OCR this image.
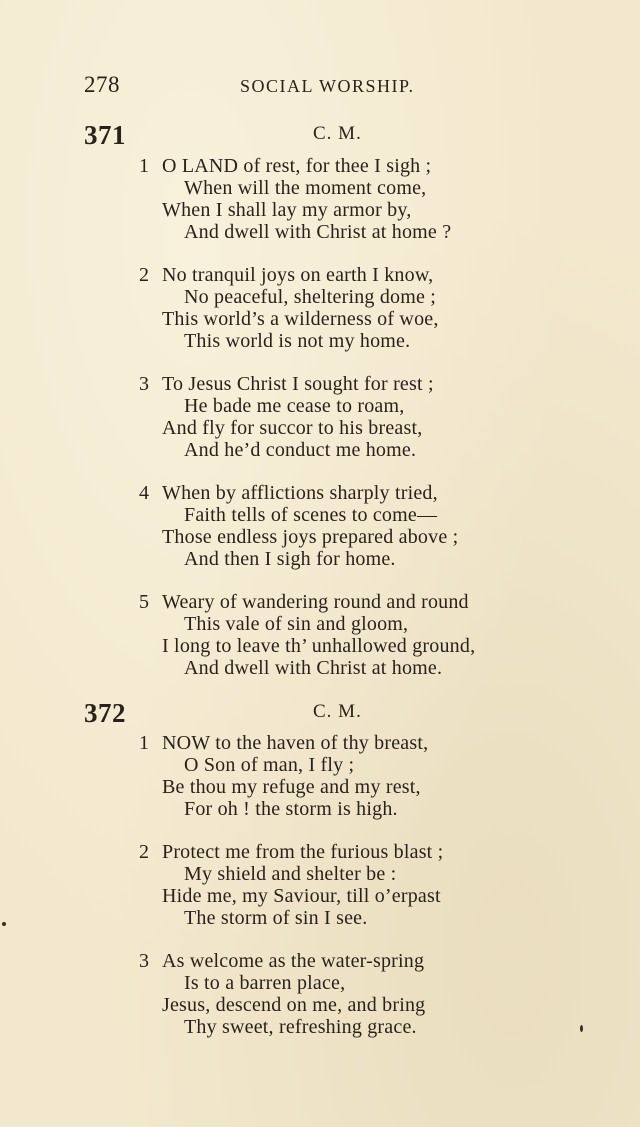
278	SOCIAL WORSHIP.
371	C. M.
1 O LAND of rest, for thee I sigh ;
When will the moment come,
When I shall lay my armor by,
And dwell with Christ at home ?
2 No tranquil joys on earth I know,
No peaceful, sheltering dome ;
This world’s a wilderness of woe,
This world is not my home.
3 To Jesus Christ I sought for rest ;
He bade me cease to roam,
And fly for succor to his breast,
And he’d conduct me home.
4 When by afflictions sharply tried,
Faith tells of scenes to come—
Those endless joys prepared above ;
And then I sigh for home.
5 Weary of wandering round and round
This vale of sin and gloom,
I long to leave th’ unhallowed ground,
And dwell with Christ at home.
372	C. M.
1 NOW to the haven of thy breast,
O Son of man, I fly ;
Be thou my refuge and my rest,
For oh ! the storm is high.
2 Protect me from the furious blast ;
My shield and shelter be :
Hide me, my Saviour, till o’erpast
The storm of sin I see.
3 As welcome as the water-spring
Is to a barren place,
Jesus, descend on me, and bring
Thy sweet, refreshing grace.
